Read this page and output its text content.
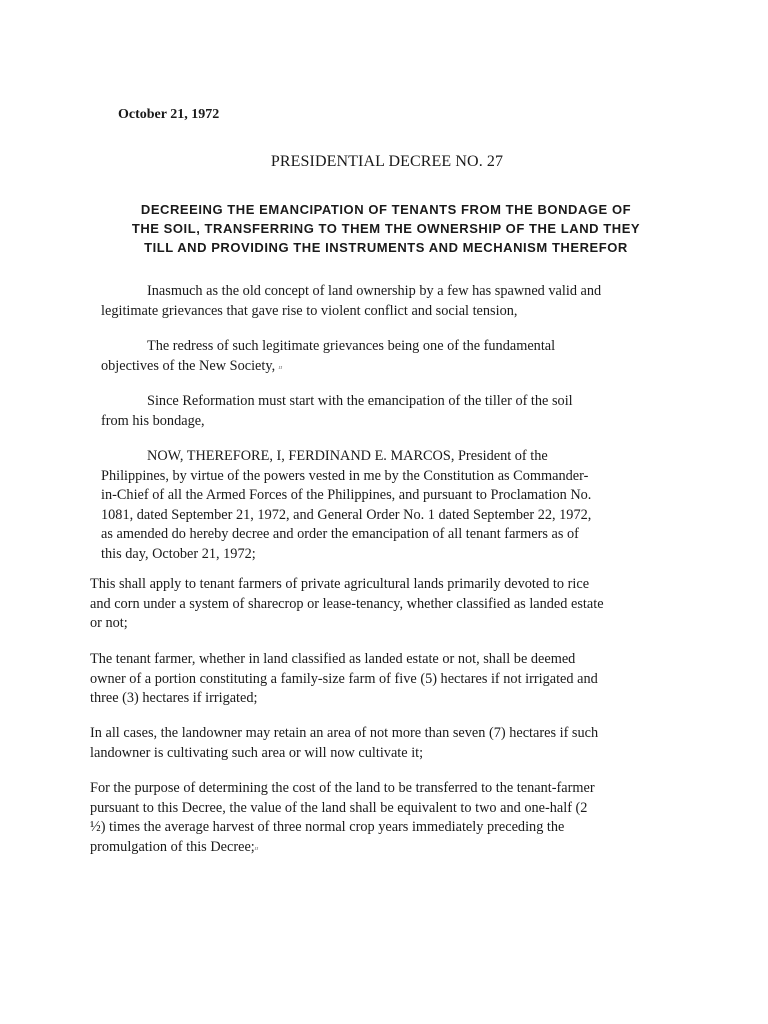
October 21, 1972
PRESIDENTIAL DECREE NO. 27
DECREEING THE EMANCIPATION OF TENANTS FROM THE BONDAGE OF
THE SOIL, TRANSFERRING TO THEM THE OWNERSHIP OF THE LAND THEY
TILL AND PROVIDING THE INSTRUMENTS AND MECHANISM THEREFOR
Inasmuch as the old concept of land ownership by a few has spawned valid and
legitimate grievances that gave rise to violent conflict and social tension,
The redress of such legitimate grievances being one of the fundamental
objectives of the New Society, ᴊᴊ
Since Reformation must start with the emancipation of the tiller of the soil
from his bondage,
NOW, THEREFORE, I, FERDINAND E. MARCOS, President of the
Philippines, by virtue of the powers vested in me by the Constitution as Commander-
in-Chief of all the Armed Forces of the Philippines, and pursuant to Proclamation No.
1081, dated September 21, 1972, and General Order No. 1 dated September 22, 1972,
as amended do hereby decree and order the emancipation of all tenant farmers as of
this day, October 21, 1972;
This shall apply to tenant farmers of private agricultural lands primarily devoted to rice
and corn under a system of sharecrop or lease-tenancy, whether classified as landed estate
or not;
The tenant farmer, whether in land classified as landed estate or not, shall be deemed
owner of a portion constituting a family-size farm of five (5) hectares if not irrigated and
three (3) hectares if irrigated;
In all cases, the landowner may retain an area of not more than seven (7) hectares if such
landowner is cultivating such area or will now cultivate it;
For the purpose of determining the cost of the land to be transferred to the tenant-farmer
pursuant to this Decree, the value of the land shall be equivalent to two and one-half (2
½) times the average harvest of three normal crop years immediately preceding the
promulgation of this Decree;ᴊᴊ
